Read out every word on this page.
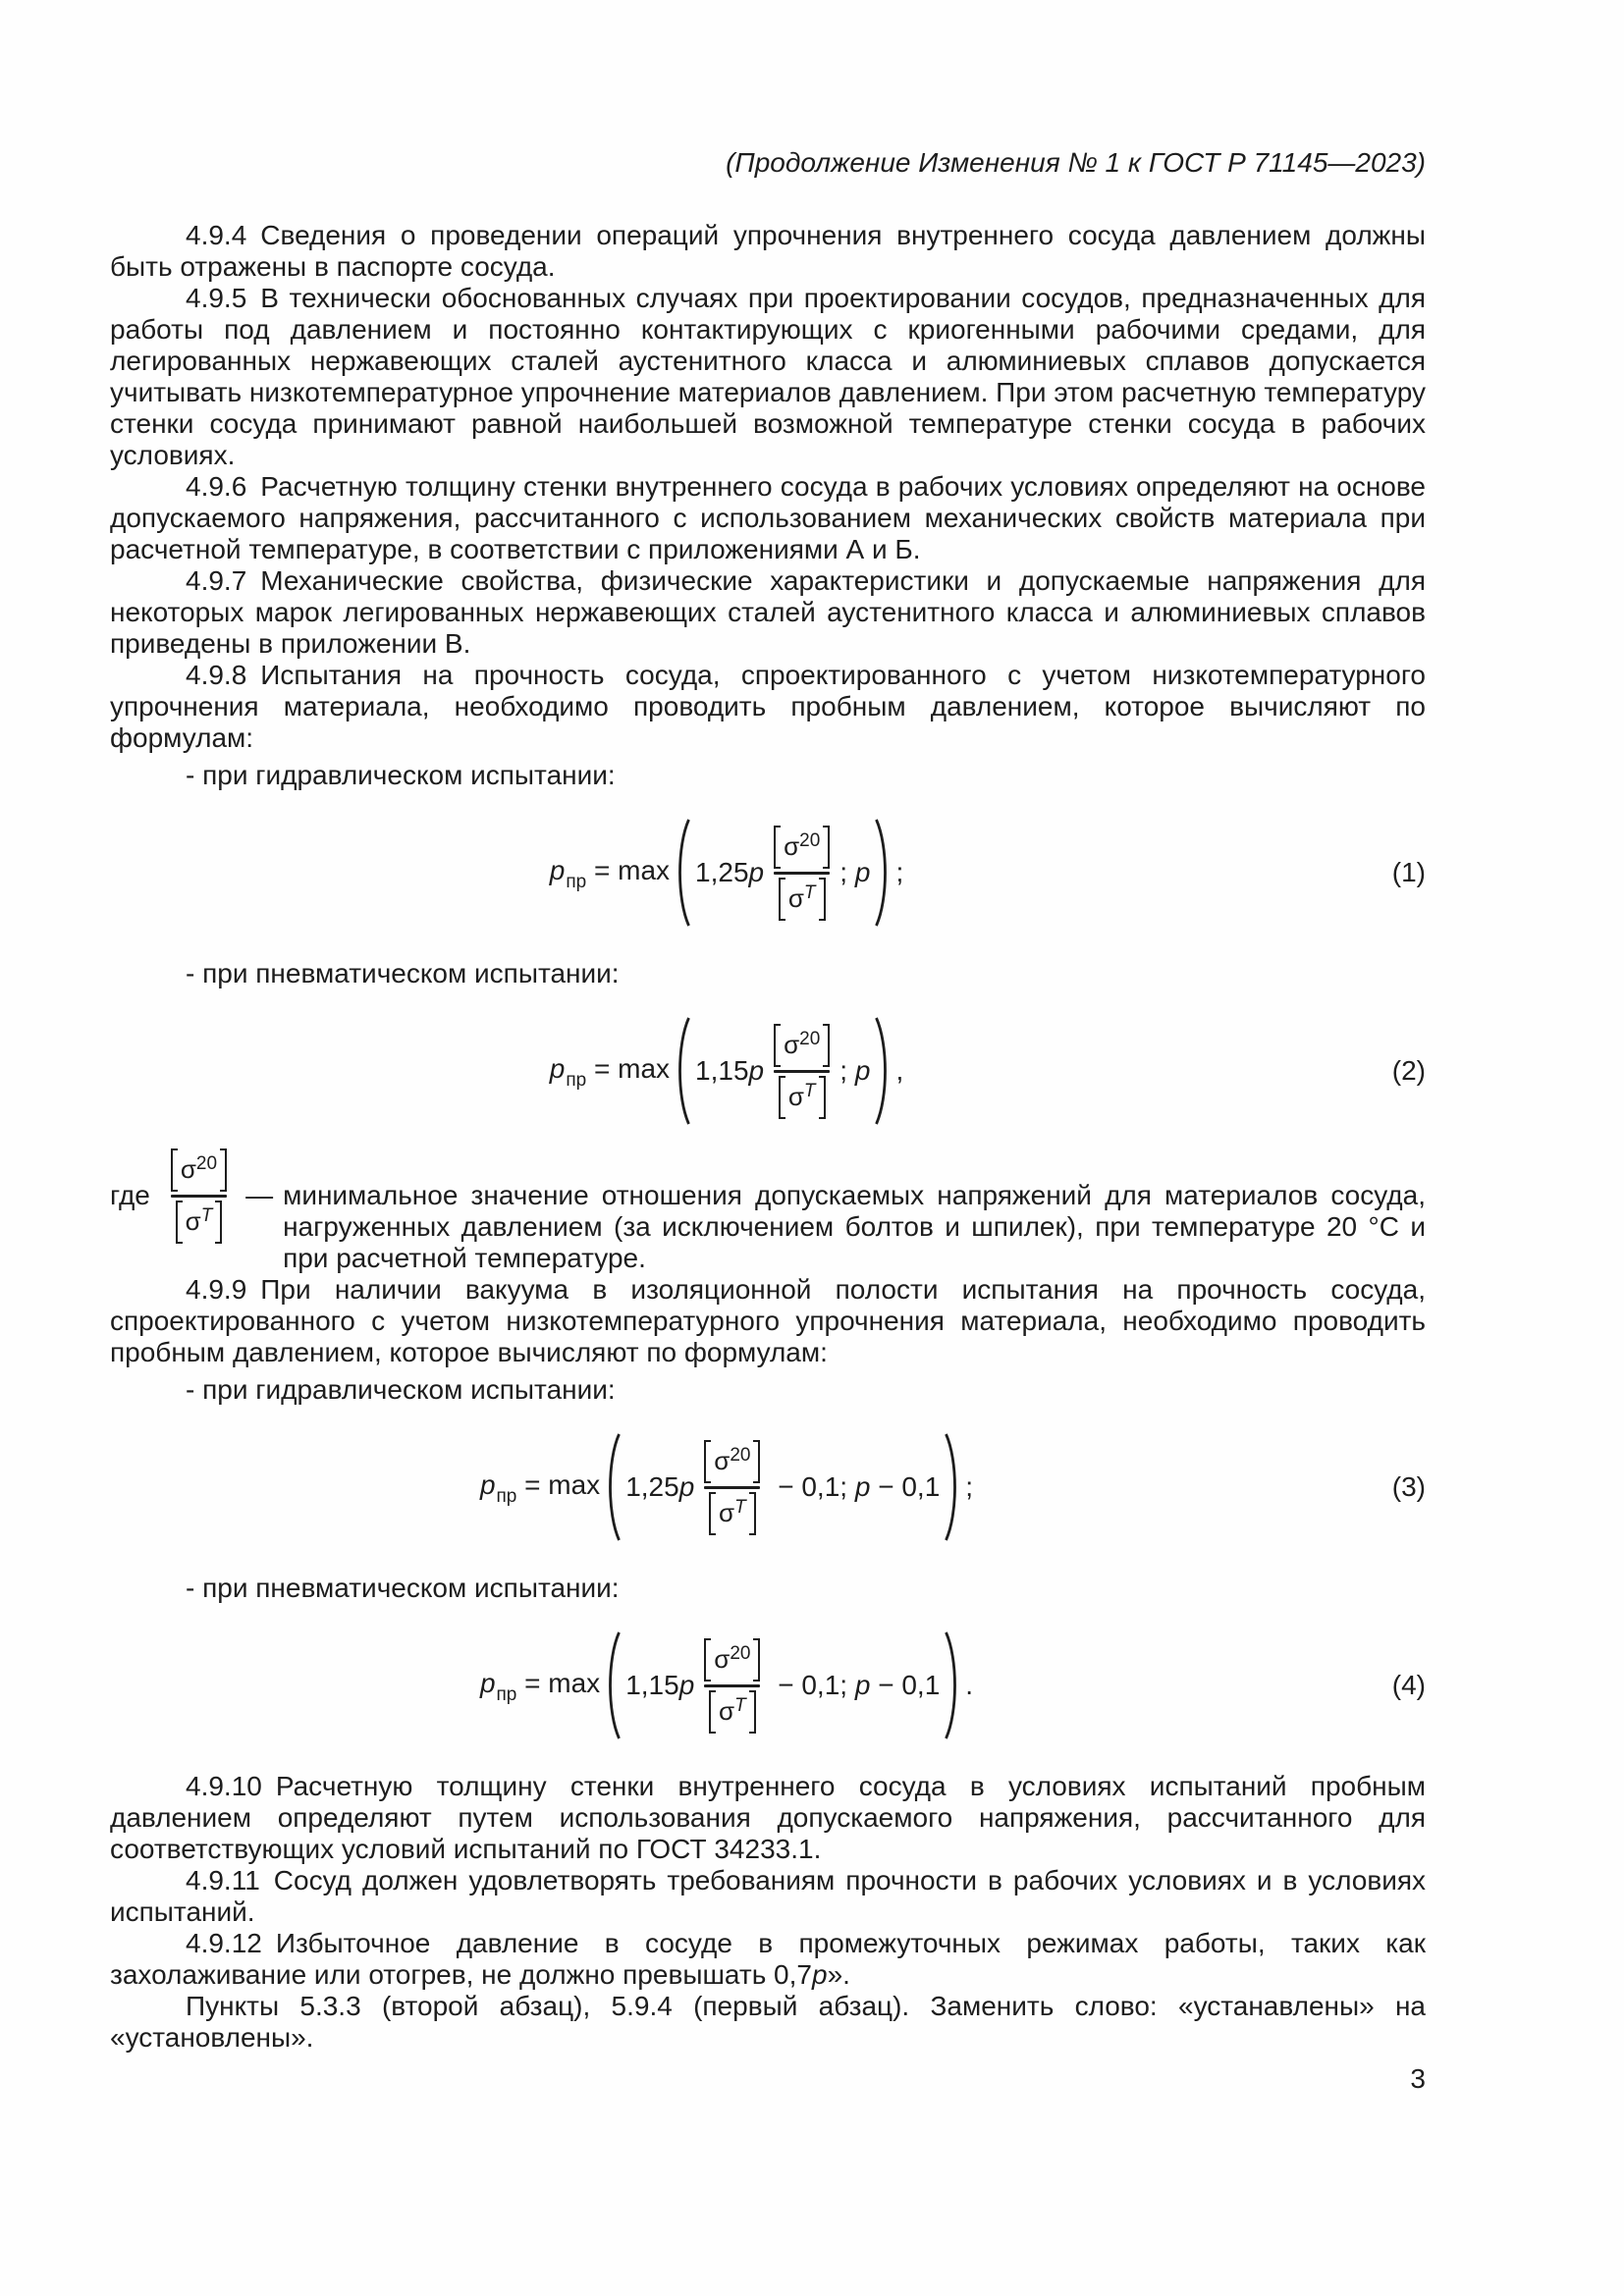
(Продолжение Изменения № 1 к ГОСТ Р 71145—2023)

4.9.4 Сведения о проведении операций упрочнения внутреннего сосуда давлением должны быть отражены в паспорте сосуда.

4.9.5 В технически обоснованных случаях при проектировании сосудов, предназначенных для работы под давлением и постоянно контактирующих с криогенными рабочими средами, для легированных нержавеющих сталей аустенитного класса и алюминиевых сплавов допускается учитывать низкотемпературное упрочнение материалов давлением. При этом расчетную температуру стенки сосуда принимают равной наибольшей возможной температуре стенки сосуда в рабочих условиях.

4.9.6 Расчетную толщину стенки внутреннего сосуда в рабочих условиях определяют на основе допускаемого напряжения, рассчитанного с использованием механических свойств материала при расчетной температуре, в соответствии с приложениями А и Б.

4.9.7 Механические свойства, физические характеристики и допускаемые напряжения для некоторых марок легированных нержавеющих сталей аустенитного класса и алюминиевых сплавов приведены в приложении В.

4.9.8 Испытания на прочность сосуда, спроектированного с учетом низкотемпературного упрочнения материала, необходимо проводить пробным давлением, которое вычисляют по формулам:

- при гидравлическом испытании:

$p_{пр} = \max 1,25p \frac{\sigma^{20}}{\sigma^T}$ ; p ;	(1)

- при пневматическом испытании:

$p_{пр} = \max 1,15p \frac{\sigma^{20}}{\sigma^T}$ ; p ,	(2)
где $\frac{\sigma^{20}}{\sigma^T}$ — минимальное значение отношения допускаемых напряжений для материалов сосуда, нагруженных давлением (за исключением болтов и шпилек), при температуре 20 °С и при расчетной температуре.

4.9.9 При наличии вакуума в изоляционной полости испытания на прочность сосуда, спроектированного с учетом низкотемпературного упрочнения материала, необходимо проводить пробным давлением, которое вычисляют по формулам:

- при гидравлическом испытании:

$p_{пр} = \max 1,25p \frac{\sigma^{20}}{\sigma^T} - 0,1$; p − 0,1 ;	(3)

- при пневматическом испытании:

$p_{пр} = \max 1,15p \frac{\sigma^{20}}{\sigma^T} - 0,1$; p − 0,1 .	(4)

4.9.10 Расчетную толщину стенки внутреннего сосуда в условиях испытаний пробным давлением определяют путем использования допускаемого напряжения, рассчитанного для соответствующих условий испытаний по ГОСТ 34233.1.

4.9.11 Сосуд должен удовлетворять требованиям прочности в рабочих условиях и в условиях испытаний.

4.9.12 Избыточное давление в сосуде в промежуточных режимах работы, таких как захолаживание или отогрев, не должно превышать 0,7p».

Пункты 5.3.3 (второй абзац), 5.9.4 (первый абзац). Заменить слово: «устанавлены» на «установлены».

3
